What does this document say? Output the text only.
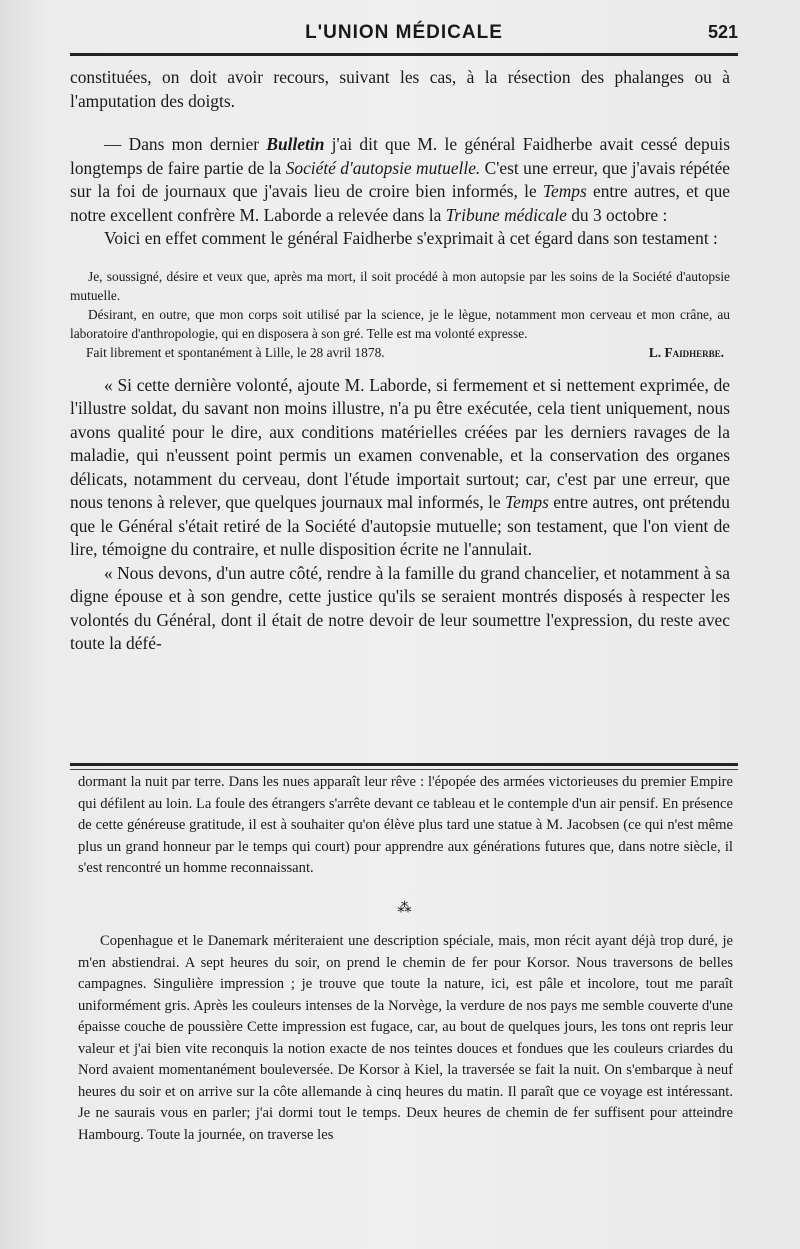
L'UNION MÉDICALE	521

constituées, on doit avoir recours, suivant les cas, à la résection des phalanges ou à l'amputation des doigts.

— Dans mon dernier Bulletin j'ai dit que M. le général Faidherbe avait cessé depuis longtemps de faire partie de la Société d'autopsie mutuelle. C'est une erreur, que j'avais répétée sur la foi de journaux que j'avais lieu de croire bien informés, le Temps entre autres, et que notre excellent confrère M. Laborde a relevée dans la Tribune médicale du 3 octobre :

Voici en effet comment le général Faidherbe s'exprimait à cet égard dans son testament :

Je, soussigné, désire et veux que, après ma mort, il soit procédé à mon autopsie par les soins de la Société d'autopsie mutuelle.

Désirant, en outre, que mon corps soit utilisé par la science, je le lègue, notamment mon cerveau et mon crâne, au laboratoire d'anthropologie, qui en disposera à son gré. Telle est ma volonté expresse.

Fait librement et spontanément à Lille, le 28 avril 1878.	L. Faidherbe.

« Si cette dernière volonté, ajoute M. Laborde, si fermement et si nettement exprimée, de l'illustre soldat, du savant non moins illustre, n'a pu être exécutée, cela tient uniquement, nous avons qualité pour le dire, aux conditions matérielles créées par les derniers ravages de la maladie, qui n'eussent point permis un examen convenable, et la conservation des organes délicats, notamment du cerveau, dont l'étude importait surtout; car, c'est par une erreur, que nous tenons à relever, que quelques journaux mal informés, le Temps entre autres, ont prétendu que le Général s'était retiré de la Société d'autopsie mutuelle; son testament, que l'on vient de lire, témoigne du contraire, et nulle disposition écrite ne l'annulait.

« Nous devons, d'un autre côté, rendre à la famille du grand chancelier, et notamment à sa digne épouse et à son gendre, cette justice qu'ils se seraient montrés disposés à respecter les volontés du Général, dont il était de notre devoir de leur soumettre l'expression, du reste avec toute la défé-

dormant la nuit par terre. Dans les nues apparaît leur rêve : l'épopée des armées victorieuses du premier Empire qui défilent au loin. La foule des étrangers s'arrête devant ce tableau et le contemple d'un air pensif. En présence de cette généreuse gratitude, il est à souhaiter qu'on élève plus tard une statue à M. Jacobsen (ce qui n'est même plus un grand honneur par le temps qui court) pour apprendre aux générations futures que, dans notre siècle, il s'est rencontré un homme reconnaissant.

⁂

Copenhague et le Danemark mériteraient une description spéciale, mais, mon récit ayant déjà trop duré, je m'en abstiendrai. A sept heures du soir, on prend le chemin de fer pour Korsor. Nous traversons de belles campagnes. Singulière impression ; je trouve que toute la nature, ici, est pâle et incolore, tout me paraît uniformément gris. Après les couleurs intenses de la Norvège, la verdure de nos pays me semble couverte d'une épaisse couche de poussière Cette impression est fugace, car, au bout de quelques jours, les tons ont repris leur valeur et j'ai bien vite reconquis la notion exacte de nos teintes douces et fondues que les couleurs criardes du Nord avaient momentanément bouleversée. De Korsor à Kiel, la traversée se fait la nuit. On s'embarque à neuf heures du soir et on arrive sur la côte allemande à cinq heures du matin. Il paraît que ce voyage est intéressant. Je ne saurais vous en parler; j'ai dormi tout le temps. Deux heures de chemin de fer suffisent pour atteindre Hambourg. Toute la journée, on traverse les
